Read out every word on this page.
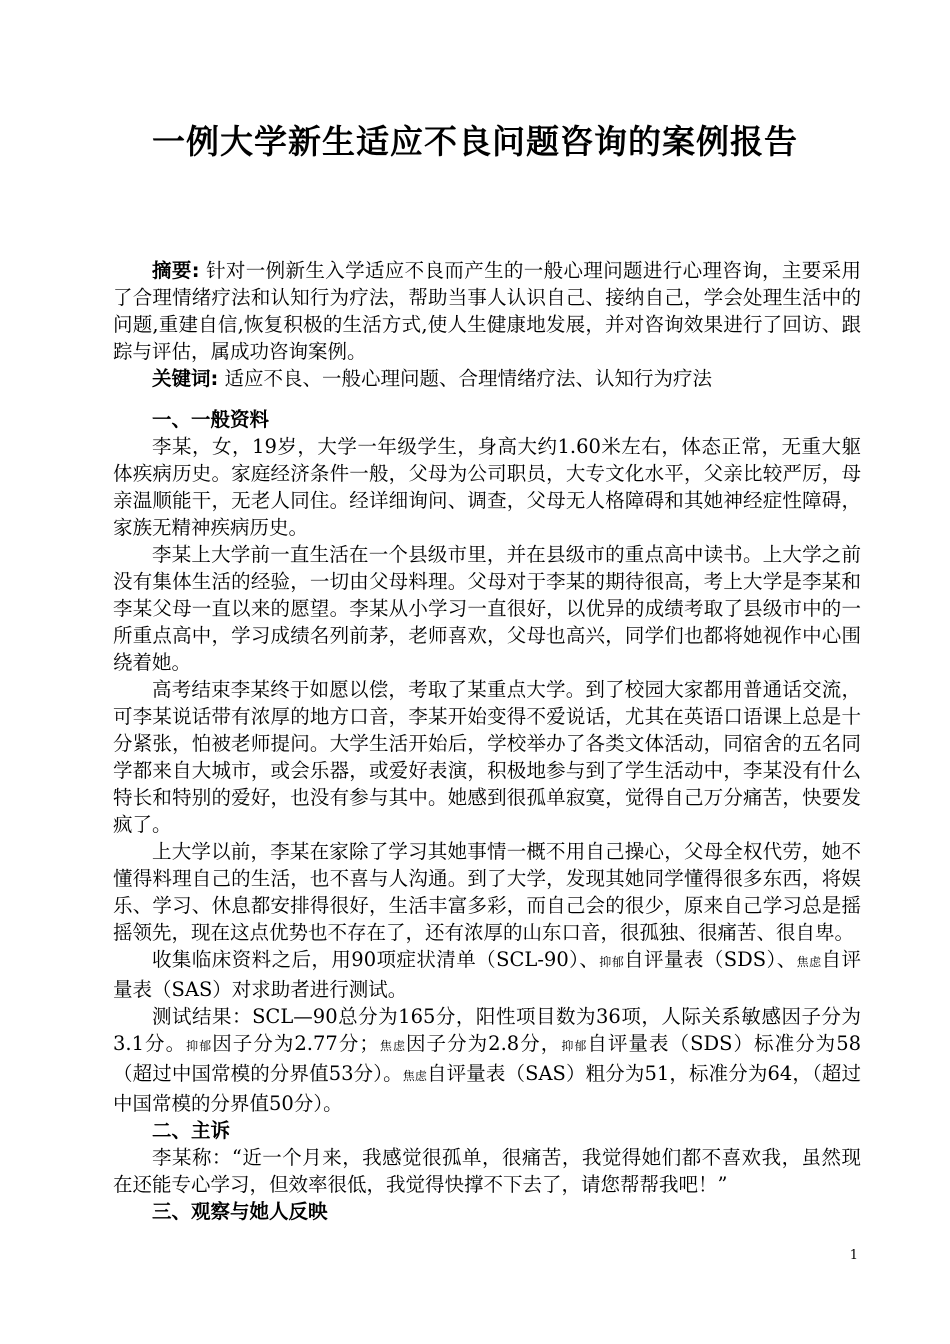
一例大学新生适应不良问题咨询的案例报告

摘要: 针对一例新生入学适应不良而产生的一般心理问题进行心理咨询，主要采用了合理情绪疗法和认知行为疗法，帮助当事人认识自己、接纳自己，学会处理生活中的问题,重建自信,恢复积极的生活方式,使人生健康地发展，并对咨询效果进行了回访、跟踪与评估，属成功咨询案例。

关键词: 适应不良、一般心理问题、合理情绪疗法、认知行为疗法

一、一般资料

李某，女，19岁，大学一年级学生，身高大约1.60米左右，体态正常，无重大躯体疾病历史。家庭经济条件一般，父母为公司职员，大专文化水平，父亲比较严厉，母亲温顺能干，无老人同住。经详细询问、调查，父母无人格障碍和其她神经症性障碍，家族无精神疾病历史。

李某上大学前一直生活在一个县级市里，并在县级市的重点高中读书。上大学之前没有集体生活的经验，一切由父母料理。父母对于李某的期待很高，考上大学是李某和李某父母一直以来的愿望。李某从小学习一直很好，以优异的成绩考取了县级市中的一所重点高中，学习成绩名列前茅，老师喜欢，父母也高兴，同学们也都将她视作中心围绕着她。

高考结束李某终于如愿以偿，考取了某重点大学。到了校园大家都用普通话交流，可李某说话带有浓厚的地方口音，李某开始变得不爱说话，尤其在英语口语课上总是十分紧张，怕被老师提问。大学生活开始后，学校举办了各类文体活动，同宿舍的五名同学都来自大城市，或会乐器，或爱好表演，积极地参与到了学生活动中，李某没有什么特长和特别的爱好，也没有参与其中。她感到很孤单寂寞，觉得自己万分痛苦，快要发疯了。

上大学以前，李某在家除了学习其她事情一概不用自己操心，父母全权代劳，她不懂得料理自己的生活，也不喜与人沟通。到了大学，发现其她同学懂得很多东西，将娱乐、学习、休息都安排得很好，生活丰富多彩，而自己会的很少，原来自己学习总是摇摇领先，现在这点优势也不存在了，还有浓厚的山东口音，很孤独、很痛苦、很自卑。

收集临床资料之后，用90项症状清单（SCL-90）、抑郁自评量表（SDS）、焦虑自评量表（SAS）对求助者进行测试。

测试结果：SCL—90总分为165分，阳性项目数为36项，人际关系敏感因子分为3.1分。抑郁因子分为2.77分；焦虑因子分为2.8分，抑郁自评量表（SDS）标准分为58（超过中国常模的分界值53分）。焦虑自评量表（SAS）粗分为51，标准分为64，（超过中国常模的分界值50分）。

二、主诉

李某称：“近一个月来，我感觉很孤单，很痛苦，我觉得她们都不喜欢我，虽然现在还能专心学习，但效率很低，我觉得快撑不下去了，请您帮帮我吧！”

三、观察与她人反映
1
